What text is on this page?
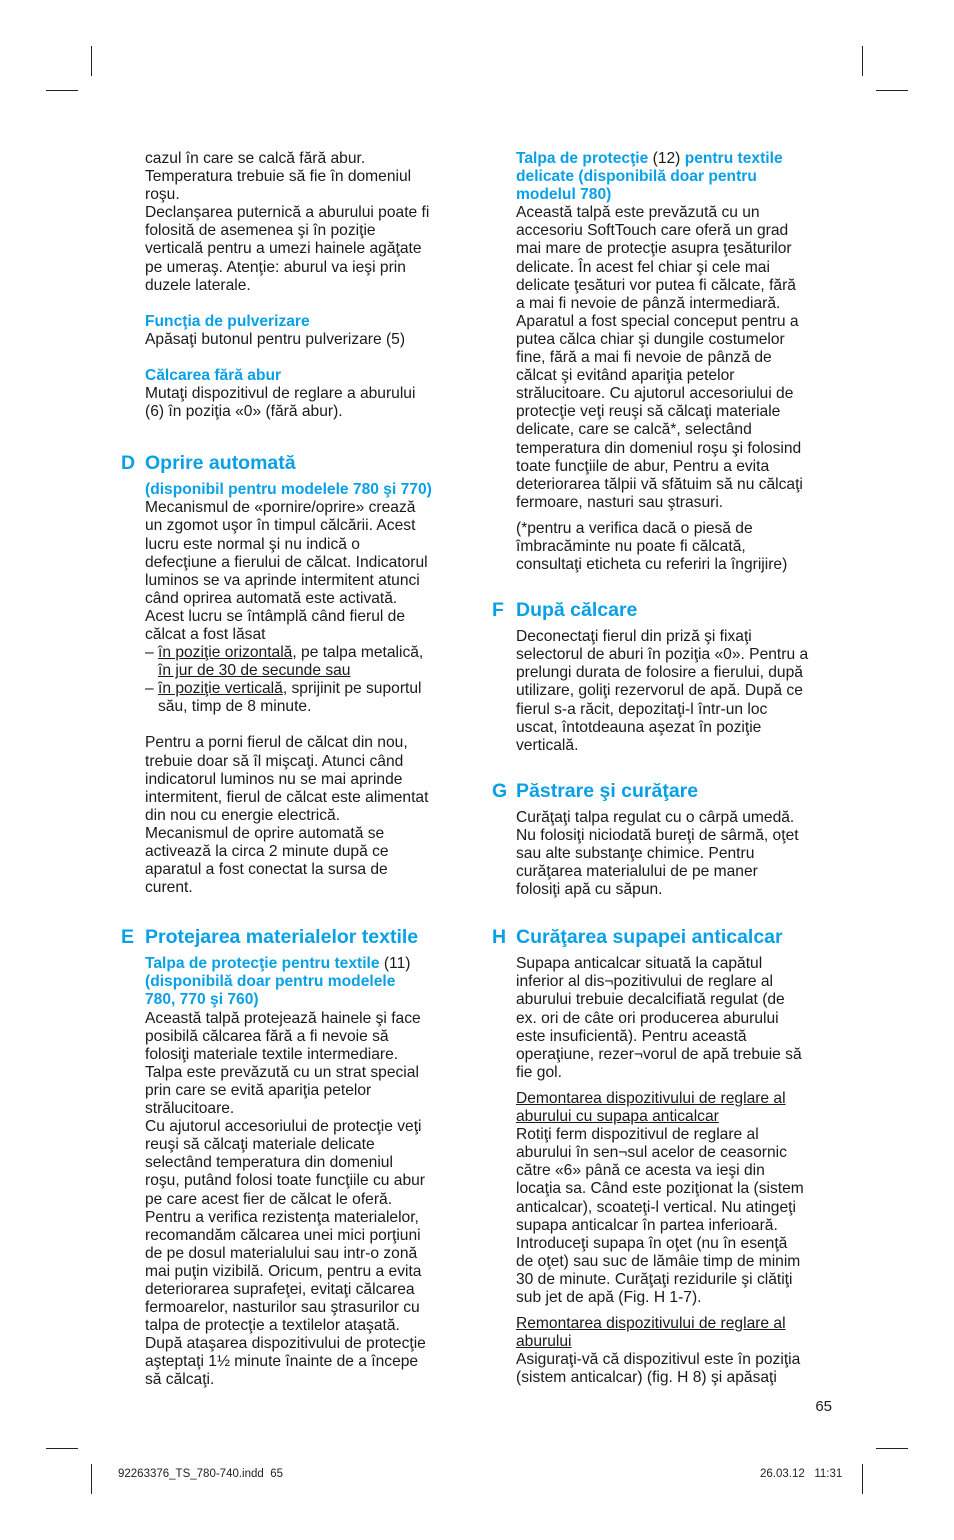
cazul în care se calcă fără abur.

Temperatura trebuie să fie în domeniul

roşu.

Declanşarea puternică a aburului poate fi

folosită de asemenea şi în poziţie

verticală pentru a umezi hainele agăţate

pe umeraş. Atenţie: aburul va ieşi prin

duzele laterale.

Funcţia de pulverizare

Apăsaţi butonul pentru pulverizare (5)

Călcarea fără abur

Mutaţi dispozitivul de reglare a aburului

(6) în poziţia «0» (fără abur).

D Oprire automată

(disponibil pentru modelele 780 şi 770)

Mecanismul de «pornire/oprire» crează

un zgomot uşor în timpul călcării. Acest

lucru este normal şi nu indică o

defecţiune a fierului de călcat. Indicatorul

luminos se va aprinde intermitent atunci

când oprirea automată este activată.

Acest lucru se întâmplă când fierul de

călcat a fost lăsat

– în poziţie orizontală, pe talpa metalică,

în jur de 30 de secunde sau

– în poziţie verticală, sprijinit pe suportul

său, timp de 8 minute.

Pentru a porni fierul de călcat din nou,

trebuie doar să îl mişcaţi. Atunci când

indicatorul luminos nu se mai aprinde

intermitent, fierul de călcat este alimentat

din nou cu energie electrică.

Mecanismul de oprire automată se

activează la circa 2 minute după ce

aparatul a fost conectat la sursa de

curent.

E Protejarea materialelor textile

Talpa de protecţie pentru textile (11)

(disponibilă doar pentru modelele

780, 770 şi 760)

Această talpă protejează hainele şi face

posibilă călcarea fără a fi nevoie să

folosiţi materiale textile intermediare.

Talpa este prevăzută cu un strat special

prin care se evită apariţia petelor

strălucitoare.

Cu ajutorul accesoriului de protecţie veţi

reuşi să călcaţi materiale delicate

selectând temperatura din domeniul

roşu, putând folosi toate funcţiile cu abur

pe care acest fier de călcat le oferă.

Pentru a verifica rezistenţa materialelor,

recomandăm călcarea unei mici porţiuni

de pe dosul materialului sau intr-o zonă

mai puţin vizibilă. Oricum, pentru a evita

deteriorarea suprafeţei, evitaţi călcarea

fermoarelor, nasturilor sau ştrasurilor cu

talpa de protecţie a textilelor ataşată.

După ataşarea dispozitivului de protecţie

aşteptaţi 1½ minute înainte de a începe

să călcaţi.

Talpa de protecţie (12) pentru textile

delicate (disponibilă doar pentru

modelul 780)

Această talpă este prevăzută cu un

accesoriu SoftTouch care oferă un grad

mai mare de protecţie asupra ţesăturilor

delicate. În acest fel chiar şi cele mai

delicate ţesături vor putea fi călcate, fără

a mai fi nevoie de pânză intermediară.

Aparatul a fost special conceput pentru a

putea călca chiar şi dungile costumelor

fine, fără a mai fi nevoie de pânză de

călcat şi evitând apariţia petelor

strălucitoare. Cu ajutorul accesoriului de

protecţie veţi reuşi să călcaţi materiale

delicate, care se calcă*, selectând

temperatura din domeniul roşu şi folosind

toate funcţiile de abur, Pentru a evita

deteriorarea tălpii vă sfătuim să nu călcaţi

fermoare, nasturi sau ştrasuri.

(*pentru a verifica dacă o piesă de

îmbracăminte nu poate fi călcată,

consultaţi eticheta cu referiri la îngrijire)

F După călcare

Deconectaţi fierul din priză şi fixaţi

selectorul de aburi în poziţia «0». Pentru a

prelungi durata de folosire a fierului, după

utilizare, goliţi rezervorul de apă. După ce

fierul s-a răcit, depozitaţi-l într-un loc

uscat, întotdeauna aşezat în poziţie

verticală.

G Păstrare şi curăţare

Curăţaţi talpa regulat cu o cârpă umedă.

Nu folosiţi niciodată bureţi de sârmă, oţet

sau alte substanţe chimice. Pentru

curăţarea materialului de pe maner

folosiţi apă cu săpun.

H Curăţarea supapei anticalcar

Supapa anticalcar situată la capătul

inferior al dis¬pozitivului de reglare al

aburului trebuie decalcifiată regulat (de

ex. ori de câte ori producerea aburului

este insuficientă). Pentru această

operaţiune, rezer¬vorul de apă trebuie să

fie gol.

Demontarea dispozitivului de reglare al

aburului cu supapa anticalcar

Rotiţi ferm dispozitivul de reglare al

aburului în sen¬sul acelor de ceasornic

către «6» până ce acesta va ieşi din

locaţia sa. Când este poziţionat la (sistem

anticalcar), scoateţi-l vertical. Nu atingeţi

supapa anticalcar în partea inferioară.

Introduceţi supapa în oţet (nu în esenţă

de oţet) sau suc de lămâie timp de minim

30 de minute. Curăţaţi rezidurile şi clătiţi

sub jet de apă (Fig. H 1-7).

Remontarea dispozitivului de reglare al

aburului

Asiguraţi-vă că dispozitivul este în poziţia

(sistem anticalcar) (fig. H 8) şi apăsaţi

65
92263376_TS_780-740.indd 65	26.03.12 11:31
